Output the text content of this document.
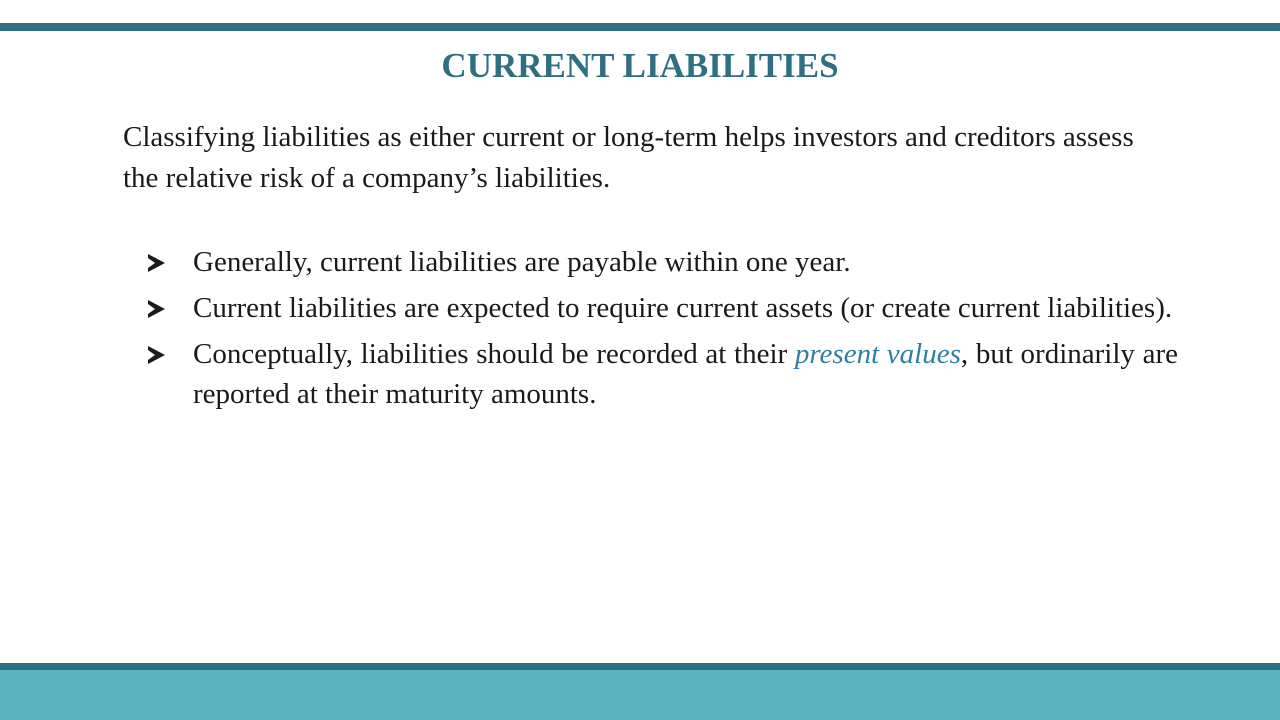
CURRENT LIABILITIES

Classifying liabilities as either current or long-term helps investors and creditors assess the relative risk of a company’s liabilities.

Generally, current liabilities are payable within one year.
Current liabilities are expected to require current assets (or create current liabilities).
Conceptually, liabilities should be recorded at their present values, but ordinarily are reported at their maturity amounts.
